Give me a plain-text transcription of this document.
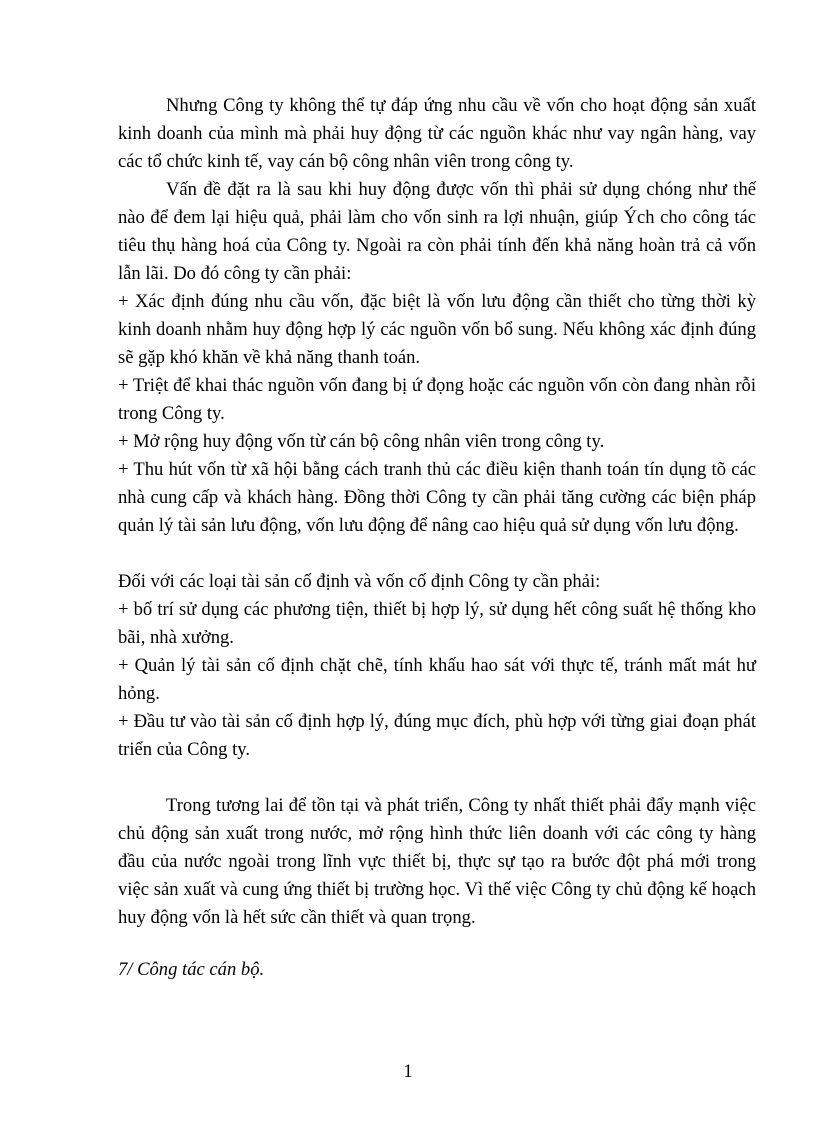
Nhưng Công ty không thể tự đáp ứng nhu cầu về vốn cho hoạt động sản xuất kinh doanh của mình mà phải huy động từ các nguồn khác như vay ngân hàng, vay các tổ chức kinh tế, vay cán bộ công nhân viên trong công ty.

Vấn đề đặt ra là sau khi huy động được vốn thì phải sử dụng chóng như thế nào để đem lại hiệu quả, phải làm cho vốn sinh ra lợi nhuận, giúp Ých cho công tác tiêu thụ hàng hoá của Công ty. Ngoài ra còn phải tính đến khả năng hoàn trả cả vốn lẫn lãi. Do đó công ty cần phải:

+ Xác định đúng nhu cầu vốn, đặc biệt là vốn lưu động cần thiết cho từng thời kỳ kinh doanh nhằm huy động hợp lý các nguồn vốn bổ sung. Nếu không xác định đúng sẽ gặp khó khăn về khả năng thanh toán.

+ Triệt để khai thác nguồn vốn đang bị ứ đọng hoặc các nguồn vốn còn đang nhàn rỗi trong Công ty.

+ Mở rộng huy động vốn từ cán bộ công nhân viên trong công ty.

+ Thu hút vốn từ xã hội bằng cách tranh thủ các điều kiện thanh toán tín dụng tõ các nhà cung cấp và khách hàng. Đồng thời Công ty cần phải tăng cường các biện pháp quản lý tài sản lưu động, vốn lưu động để nâng cao hiệu quả sử dụng vốn lưu động.

Đối với các loại tài sản cố định và vốn cố định Công ty cần phải:

+ bố trí sử dụng các phương tiện, thiết bị hợp lý, sử dụng hết công suất hệ thống kho bãi, nhà xưởng.

+ Quản lý tài sản cố định chặt chẽ, tính khấu hao sát với thực tế, tránh mất mát hư hỏng.

+ Đầu tư vào tài sản cố định hợp lý, đúng mục đích, phù hợp với từng giai đoạn phát triển của Công ty.

Trong tương lai để tồn tại và phát triển, Công ty nhất thiết phải đẩy mạnh việc chủ động sản xuất trong nước, mở rộng hình thức liên doanh với các công ty hàng đầu của nước ngoài trong lĩnh vực thiết bị, thực sự tạo ra bước đột phá mới trong việc sản xuất và cung ứng thiết bị trường học. Vì thế việc Công ty chủ động kế hoạch huy động vốn là hết sức cần thiết và quan trọng.

7/ Công tác cán bộ.

1
